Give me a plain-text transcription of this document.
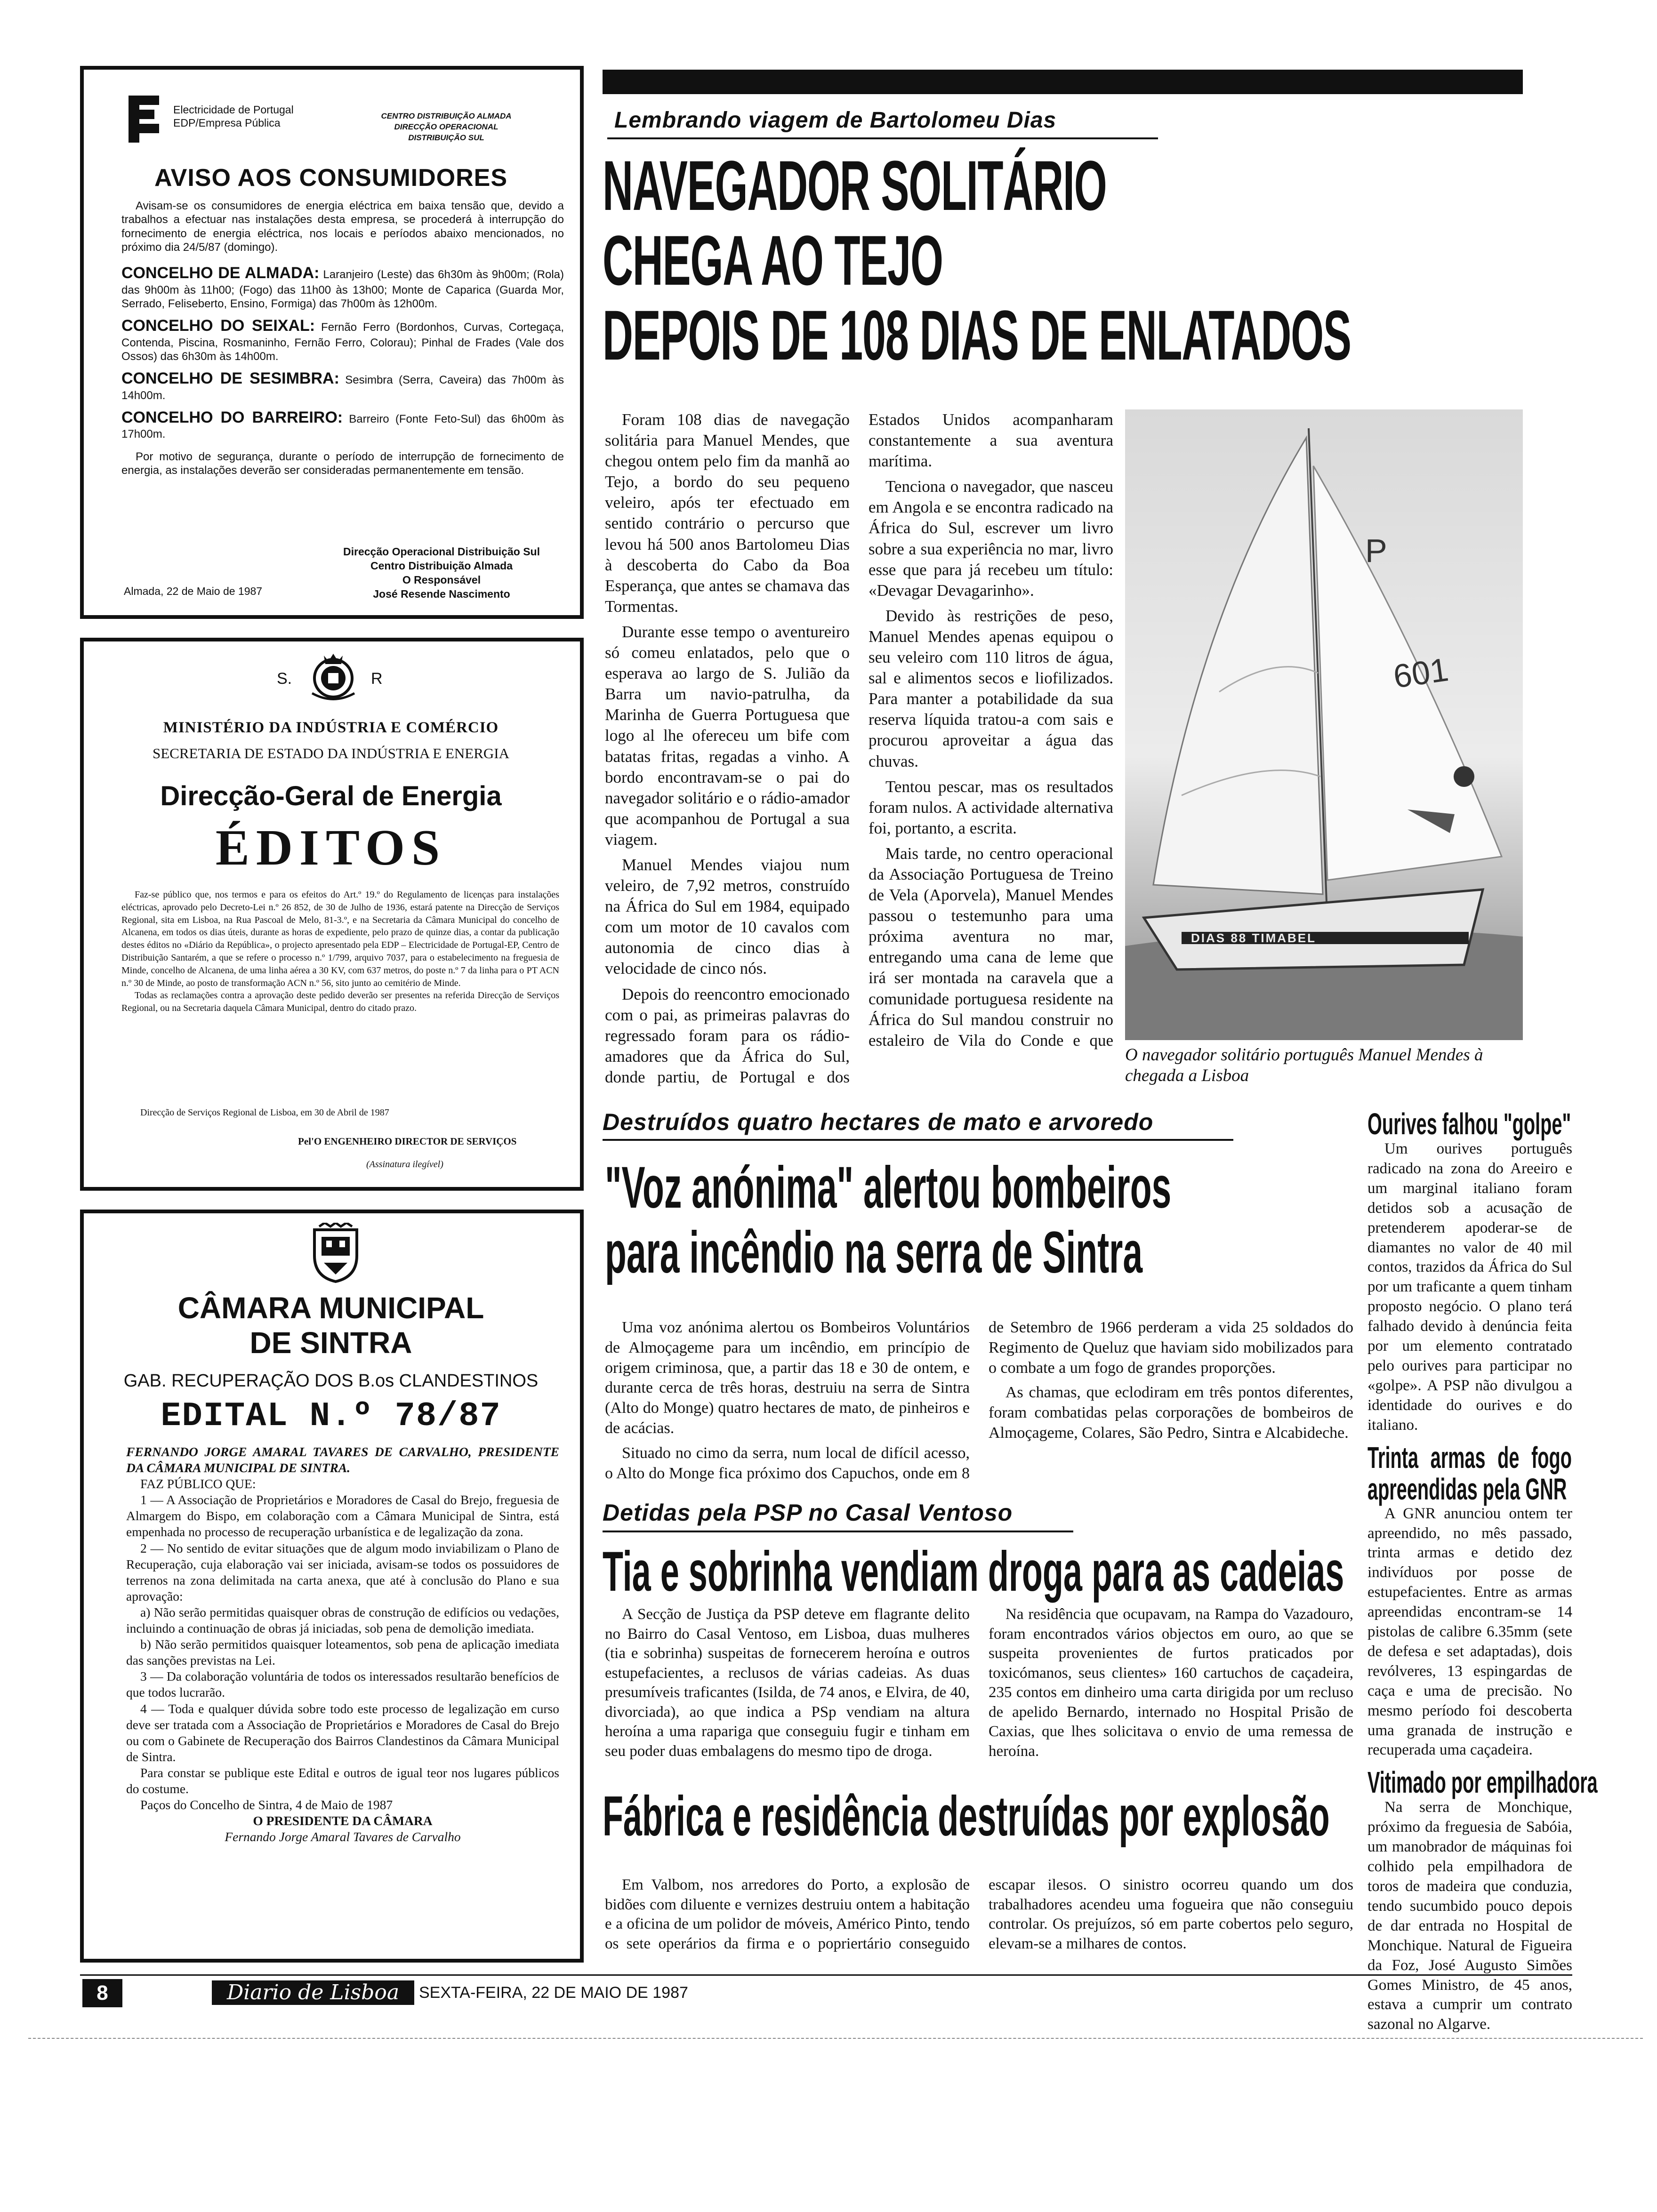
Electricidade de Portugal
EDP/Empresa Pública
CENTRO DISTRIBUIÇÃO ALMADA
DIRECÇÃO OPERACIONAL
DISTRIBUIÇÃO SUL
AVISO AOS CONSUMIDORES

Avisam-se os consumidores de energia eléctrica em baixa tensão que, devido a trabalhos a efectuar nas instalações desta empresa, se procederá à interrupção do fornecimento de energia eléctrica, nos locais e períodos abaixo mencionados, no próximo dia 24/5/87 (domingo).

CONCELHO DE ALMADA: Laranjeiro (Leste) das 6h30m às 9h00m; (Rola) das 9h00m às 11h00; (Fogo) das 11h00 às 13h00; Monte de Caparica (Guarda Mor, Serrado, Feliseberto, Ensino, Formiga) das 7h00m às 12h00m.

CONCELHO DO SEIXAL: Fernão Ferro (Bordonhos, Curvas, Cortegaça, Contenda, Piscina, Rosmaninho, Fernão Ferro, Colorau); Pinhal de Frades (Vale dos Ossos) das 6h30m às 14h00m.

CONCELHO DE SESIMBRA: Sesimbra (Serra, Caveira) das 7h00m às 14h00m.

CONCELHO DO BARREIRO: Barreiro (Fonte Feto-Sul) das 6h00m às 17h00m.

Por motivo de segurança, durante o período de interrupção de fornecimento de energia, as instalações deverão ser consideradas permanentemente em tensão.

Direcção Operacional Distribuição Sul
Centro Distribuição Almada
O Responsável
José Resende Nascimento
Almada, 22 de Maio de 1987
S.	R
MINISTÉRIO DA INDÚSTRIA E COMÉRCIO
SECRETARIA DE ESTADO DA INDÚSTRIA E ENERGIA
Direcção-Geral de Energia
ÉDITOS

Faz-se público que, nos termos e para os efeitos do Art.º 19.º do Regulamento de licenças para instalações eléctricas, aprovado pelo Decreto-Lei n.º 26 852, de 30 de Julho de 1936, estará patente na Direcção de Serviços Regional, sita em Lisboa, na Rua Pascoal de Melo, 81-3.º, e na Secretaria da Câmara Municipal do concelho de Alcanena, em todos os dias úteis, durante as horas de expediente, pelo prazo de quinze dias, a contar da publicação destes éditos no «Diário da República», o projecto apresentado pela EDP – Electricidade de Portugal-EP, Centro de Distribuição Santarém, a que se refere o processo n.º 1/799, arquivo 7037, para o estabelecimento na freguesia de Minde, concelho de Alcanena, de uma linha aérea a 30 KV, com 637 metros, do poste n.º 7 da linha para o PT ACN n.º 30 de Minde, ao posto de transformação ACN n.º 56, sito junto ao cemitério de Minde.

Todas as reclamações contra a aprovação deste pedido deverão ser presentes na referida Direcção de Serviços Regional, ou na Secretaria daquela Câmara Municipal, dentro do citado prazo.

Direcção de Serviços Regional de Lisboa, em 30 de Abril de 1987
Pel'O ENGENHEIRO DIRECTOR DE SERVIÇOS
(Assinatura ilegível)
CÂMARA MUNICIPAL
DE SINTRA
GAB. RECUPERAÇÃO DOS B.os CLANDESTINOS
EDITAL N.º 78/87

FERNANDO JORGE AMARAL TAVARES DE CARVALHO, PRESIDENTE DA CÂMARA MUNICIPAL DE SINTRA.

FAZ PÚBLICO QUE:

1 — A Associação de Proprietários e Moradores de Casal do Brejo, freguesia de Almargem do Bispo, em colaboração com a Câmara Municipal de Sintra, está empenhada no processo de recuperação urbanística e de legalização da zona.

2 — No sentido de evitar situações que de algum modo inviabilizam o Plano de Recuperação, cuja elaboração vai ser iniciada, avisam-se todos os possuidores de terrenos na zona delimitada na carta anexa, que até à conclusão do Plano e sua aprovação:

a) Não serão permitidas quaisquer obras de construção de edifícios ou vedações, incluindo a continuação de obras já iniciadas, sob pena de demolição imediata.

b) Não serão permitidos quaisquer loteamentos, sob pena de aplicação imediata das sanções previstas na Lei.

3 — Da colaboração voluntária de todos os interessados resultarão benefícios de que todos lucrarão.

4 — Toda e qualquer dúvida sobre todo este processo de legalização em curso deve ser tratada com a Associação de Proprietários e Moradores de Casal do Brejo ou com o Gabinete de Recuperação dos Bairros Clandestinos da Câmara Municipal de Sintra.

Para constar se publique este Edital e outros de igual teor nos lugares públicos do costume.

Paços do Concelho de Sintra, 4 de Maio de 1987

O PRESIDENTE DA CÂMARA

Fernando Jorge Amaral Tavares de Carvalho

Lembrando viagem de Bartolomeu Dias
NAVEGADOR SOLITÁRIO
CHEGA AO TEJO
DEPOIS DE 108 DIAS DE ENLATADOS

Foram 108 dias de navegação solitária para Manuel Mendes, que chegou ontem pelo fim da manhã ao Tejo, a bordo do seu pequeno veleiro, após ter efectuado em sentido contrário o percurso que levou há 500 anos Bartolomeu Dias à descoberta do Cabo da Boa Esperança, que antes se chamava das Tormentas.

Durante esse tempo o aventureiro só comeu enlatados, pelo que o esperava ao largo de S. Julião da Barra um navio-patrulha, da Marinha de Guerra Portuguesa que logo al lhe ofereceu um bife com batatas fritas, regadas a vinho. A bordo encontravam-se o pai do navegador solitário e o rádio-amador que acompanhou de Portugal a sua viagem.

Manuel Mendes viajou num veleiro, de 7,92 metros, construído na África do Sul em 1984, equipado com um motor de 10 cavalos com autonomia de cinco dias à velocidade de cinco nós.

Depois do reencontro emocionado com o pai, as primeiras palavras do regressado foram para os rádio-amadores que da África do Sul, donde partiu, de Portugal e dos Estados Unidos acompanharam constantemente a sua aventura marítima.

Tenciona o navegador, que nasceu em Angola e se encontra radicado na África do Sul, escrever um livro sobre a sua experiência no mar, livro esse que para já recebeu um título: «Devagar Devagarinho».

Devido às restrições de peso, Manuel Mendes apenas equipou o seu veleiro com 110 litros de água, sal e alimentos secos e liofilizados. Para manter a potabilidade da sua reserva líquida tratou-a com sais e procurou aproveitar a água das chuvas.

Tentou pescar, mas os resultados foram nulos. A actividade alternativa foi, portanto, a escrita.

Mais tarde, no centro operacional da Associação Portuguesa de Treino de Vela (Aporvela), Manuel Mendes passou o testemunho para uma próxima aventura no mar, entregando uma cana de leme que irá ser montada na caravela que a comunidade portuguesa residente na África do Sul mandou construir no estaleiro de Vila do Conde e que

P
601
DIAS 88 TIMABEL
O navegador solitário português Manuel Mendes à chegada a Lisboa
Destruídos quatro hectares de mato e arvoredo
"Voz anónima" alertou bombeiros
para incêndio na serra de Sintra

Uma voz anónima alertou os Bombeiros Voluntários de Almoçageme para um incêndio, em princípio de origem criminosa, que, a partir das 18 e 30 de ontem, e durante cerca de três horas, destruiu na serra de Sintra (Alto do Monge) quatro hectares de mato, de pinheiros e de acácias.

Situado no cimo da serra, num local de difícil acesso, o Alto do Monge fica próximo dos Capuchos, onde em 8 de Setembro de 1966 perderam a vida 25 soldados do Regimento de Queluz que haviam sido mobilizados para o combate a um fogo de grandes proporções.

As chamas, que eclodiram em três pontos diferentes, foram combatidas pelas corporações de bombeiros de Almoçageme, Colares, São Pedro, Sintra e Alcabideche.

Detidas pela PSP no Casal Ventoso
Tia e sobrinha vendiam droga para as cadeias

A Secção de Justiça da PSP deteve em flagrante delito no Bairro do Casal Ventoso, em Lisboa, duas mulheres (tia e sobrinha) suspeitas de fornecerem heroína e outros estupefacientes, a reclusos de várias cadeias. As duas presumíveis traficantes (Isilda, de 74 anos, e Elvira, de 40, divorciada), ao que indica a PSp vendiam na altura heroína a uma rapariga que conseguiu fugir e tinham em seu poder duas embalagens do mesmo tipo de droga.

Na residência que ocupavam, na Rampa do Vazadouro, foram encontrados vários objectos em ouro, ao que se suspeita provenientes de furtos praticados por toxicómanos, seus clientes» 160 cartuchos de caçadeira, 235 contos em dinheiro uma carta dirigida por um recluso de apelido Bernardo, internado no Hospital Prisão de Caxias, que lhes solicitava o envio de uma remessa de heroína.

Fábrica e residência destruídas por explosão

Em Valbom, nos arredores do Porto, a explosão de bidões com diluente e vernizes destruiu ontem a habitação e a oficina de um polidor de móveis, Américo Pinto, tendo os sete operários da firma e o popriertário conseguido escapar ilesos. O sinistro ocorreu quando um dos trabalhadores acendeu uma fogueira que não conseguiu controlar. Os prejuízos, só em parte cobertos pelo seguro, elevam-se a milhares de contos.

Ourives falhou "golpe"

Um ourives português radicado na zona do Areeiro e um marginal italiano foram detidos sob a acusação de pretenderem apoderar-se de diamantes no valor de 40 mil contos, trazidos da África do Sul por um traficante a quem tinham proposto negócio. O plano terá falhado devido à denúncia feita por um elemento contratado pelo ourives para participar no «golpe». A PSP não divulgou a identidade do ourives e do italiano.

Trinta armas de fogo apreendidas pela GNR

A GNR anunciou ontem ter apreendido, no mês passado, trinta armas e detido dez indivíduos por posse de estupefacientes. Entre as armas apreendidas encontram-se 14 pistolas de calibre 6.35mm (sete de defesa e set adaptadas), dois revólveres, 13 espingardas de caça e uma de precisão. No mesmo período foi descoberta uma granada de instrução e recuperada uma caçadeira.

Vitimado por empilhadora

Na serra de Monchique, próximo da freguesia de Sabóia, um manobrador de máquinas foi colhido pela empilhadora de toros de madeira que conduzia, tendo sucumbido pouco depois de dar entrada no Hospital de Monchique. Natural de Figueira da Foz, José Augusto Simões Gomes Ministro, de 45 anos, estava a cumprir um contrato sazonal no Algarve.

8	Diario de Lisboa	SEXTA-FEIRA, 22 DE MAIO DE 1987
